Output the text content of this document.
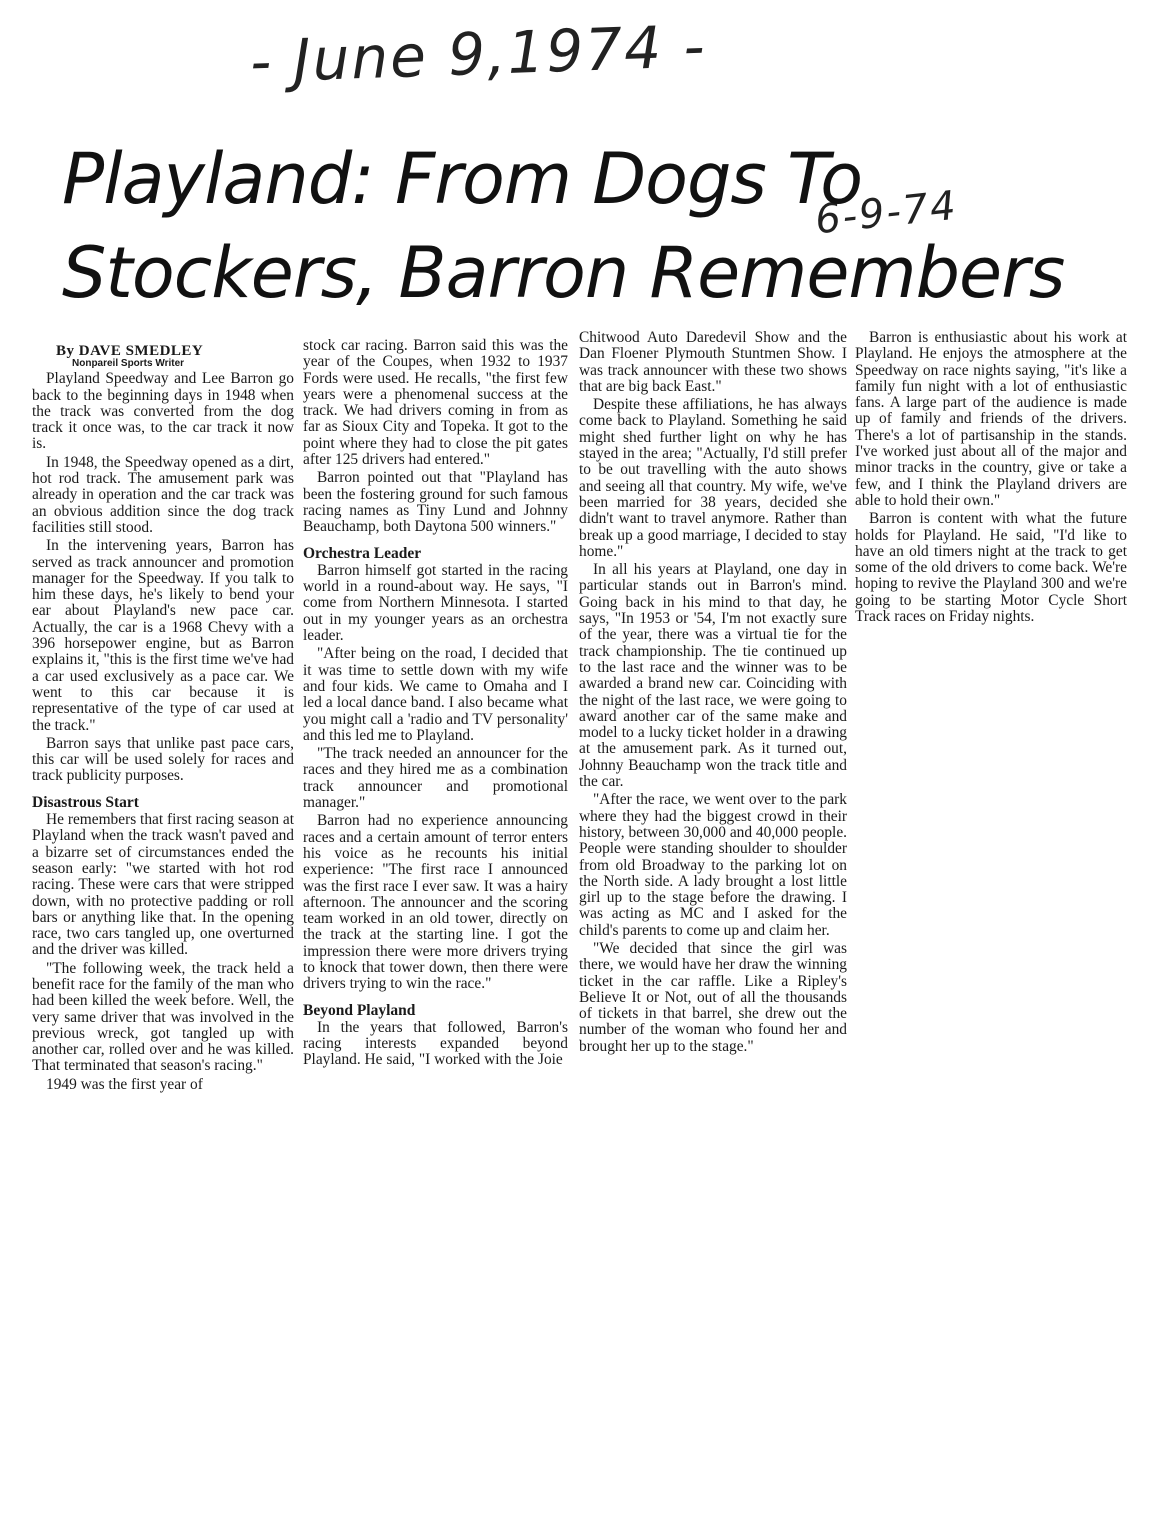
- June 9,1974 -
6-9-74
Playland: From Dogs To
Stockers, Barron Remembers
By DAVE SMEDLEY
Nonpareil Sports Writer

Playland Speedway and Lee Barron go back to the beginning days in 1948 when the track was converted from the dog track it once was, to the car track it now is.

In 1948, the Speedway opened as a dirt, hot rod track. The amusement park was already in operation and the car track was an obvious addition since the dog track facilities still stood.

In the intervening years, Barron has served as track announcer and promotion manager for the Speedway. If you talk to him these days, he's likely to bend your ear about Playland's new pace car. Actually, the car is a 1968 Chevy with a 396 horsepower engine, but as Barron explains it, "this is the first time we've had a car used exclusively as a pace car. We went to this car because it is representative of the type of car used at the track."

Barron says that unlike past pace cars, this car will be used solely for races and track publicity purposes.

Disastrous Start

He remembers that first racing season at Playland when the track wasn't paved and a bizarre set of circumstances ended the season early: "we started with hot rod racing. These were cars that were stripped down, with no protective padding or roll bars or anything like that. In the opening race, two cars tangled up, one overturned and the driver was killed.

"The following week, the track held a benefit race for the family of the man who had been killed the week before. Well, the very same driver that was involved in the previous wreck, got tangled up with another car, rolled over and he was killed. That terminated that season's racing."

1949 was the first year of

stock car racing. Barron said this was the year of the Coupes, when 1932 to 1937 Fords were used. He recalls, "the first few years were a phenomenal success at the track. We had drivers coming in from as far as Sioux City and Topeka. It got to the point where they had to close the pit gates after 125 drivers had entered."

Barron pointed out that "Playland has been the fostering ground for such famous racing names as Tiny Lund and Johnny Beauchamp, both Daytona 500 winners."

Orchestra Leader

Barron himself got started in the racing world in a round-about way. He says, "I come from Northern Minnesota. I started out in my younger years as an orchestra leader.

"After being on the road, I decided that it was time to settle down with my wife and four kids. We came to Omaha and I led a local dance band. I also became what you might call a 'radio and TV personality' and this led me to Playland.

"The track needed an announcer for the races and they hired me as a combination track announcer and promotional manager."

Barron had no experience announcing races and a certain amount of terror enters his voice as he recounts his initial experience: "The first race I announced was the first race I ever saw. It was a hairy afternoon. The announcer and the scoring team worked in an old tower, directly on the track at the starting line. I got the impression there were more drivers trying to knock that tower down, then there were drivers trying to win the race."

Beyond Playland

In the years that followed, Barron's racing interests expanded beyond Playland. He said, "I worked with the Joie

Chitwood Auto Daredevil Show and the Dan Floener Plymouth Stuntmen Show. I was track announcer with these two shows that are big back East."

Despite these affiliations, he has always come back to Playland. Something he said might shed further light on why he has stayed in the area; "Actually, I'd still prefer to be out travelling with the auto shows and seeing all that country. My wife, we've been married for 38 years, decided she didn't want to travel anymore. Rather than break up a good marriage, I decided to stay home."

In all his years at Playland, one day in particular stands out in Barron's mind. Going back in his mind to that day, he says, "In 1953 or '54, I'm not exactly sure of the year, there was a virtual tie for the track championship. The tie continued up to the last race and the winner was to be awarded a brand new car. Coinciding with the night of the last race, we were going to award another car of the same make and model to a lucky ticket holder in a drawing at the amusement park. As it turned out, Johnny Beauchamp won the track title and the car.

"After the race, we went over to the park where they had the biggest crowd in their history, between 30,000 and 40,000 people. People were standing shoulder to shoulder from old Broadway to the parking lot on the North side. A lady brought a lost little girl up to the stage before the drawing. I was acting as MC and I asked for the child's parents to come up and claim her.

"We decided that since the girl was there, we would have her draw the winning ticket in the car raffle. Like a Ripley's Believe It or Not, out of all the thousands of tickets in that barrel, she drew out the number of the woman who found her and brought her up to the stage."

Barron is enthusiastic about his work at Playland. He enjoys the atmosphere at the Speedway on race nights saying, "it's like a family fun night with a lot of enthusiastic fans. A large part of the audience is made up of family and friends of the drivers. There's a lot of partisanship in the stands. I've worked just about all of the major and minor tracks in the country, give or take a few, and I think the Playland drivers are able to hold their own."

Barron is content with what the future holds for Playland. He said, "I'd like to have an old timers night at the track to get some of the old drivers to come back. We're hoping to revive the Playland 300 and we're going to be starting Motor Cycle Short Track races on Friday nights.
